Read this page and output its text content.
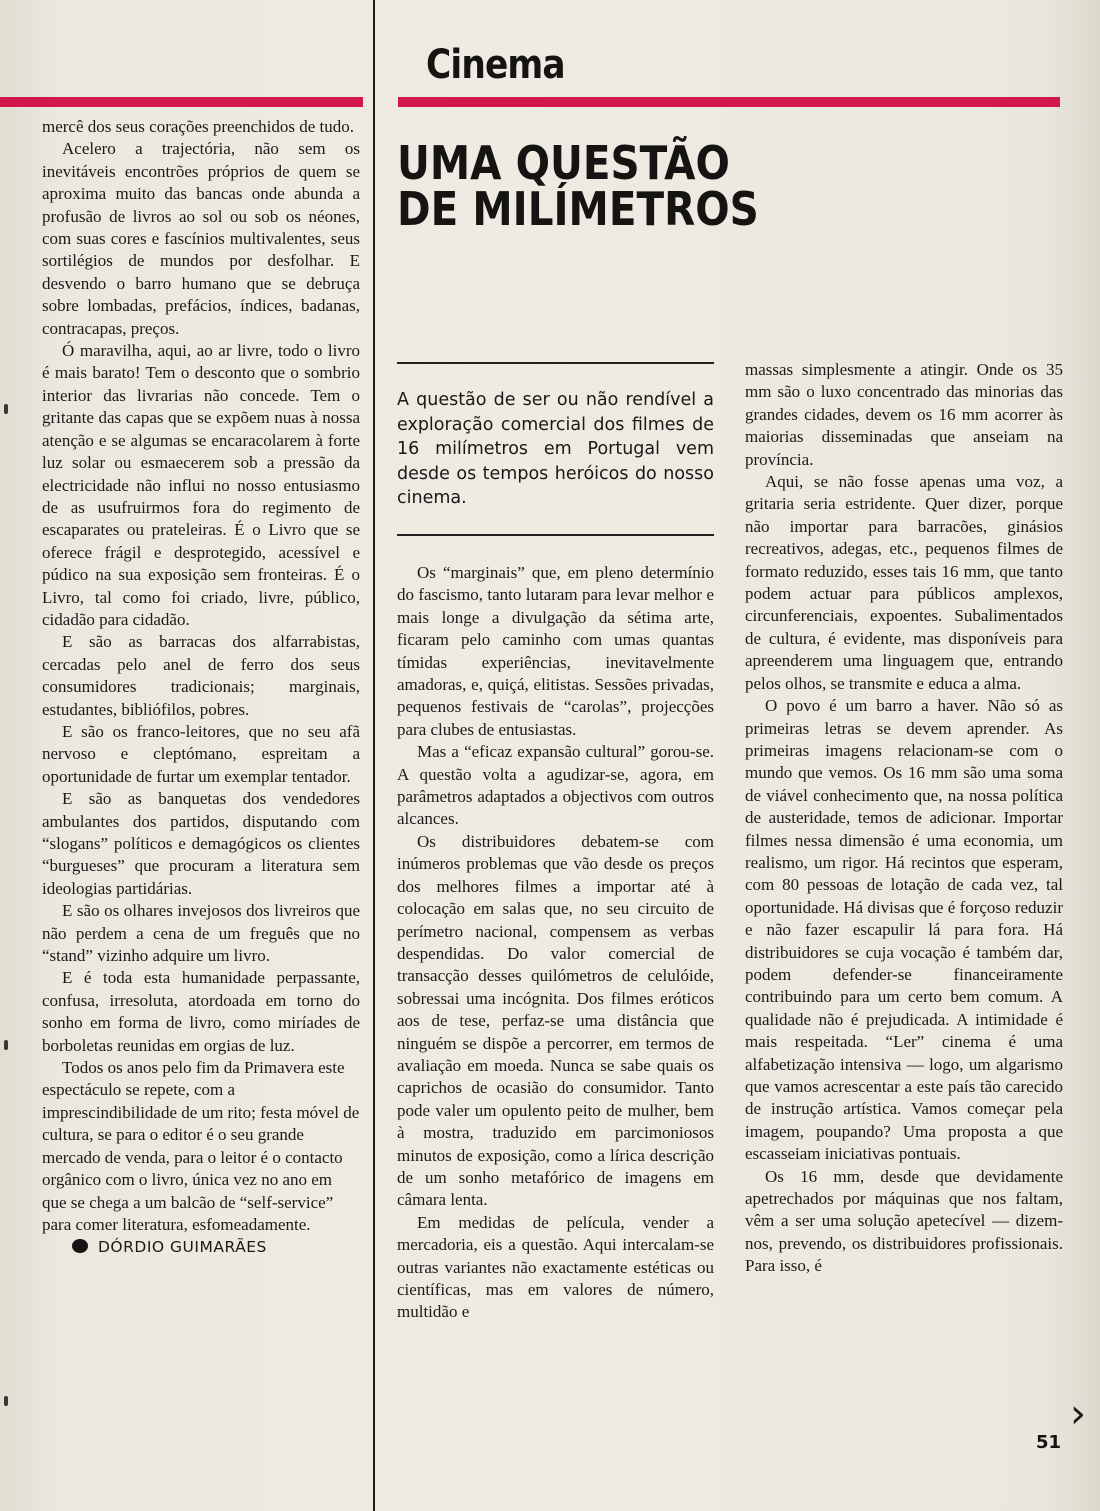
Cinema
UMA QUESTÃO
DE MILÍMETROS

A questão de ser ou não rendível a exploração comercial dos filmes de 16 milímetros em Portugal vem desde os tempos heróicos do nosso cinema.

mercê dos seus corações preenchidos de tudo.

Acelero a trajectória, não sem os inevitáveis encontrões próprios de quem se aproxima muito das bancas onde abunda a profusão de livros ao sol ou sob os néones, com suas cores e fascínios multivalentes, seus sortilégios de mundos por desfolhar. E desvendo o barro humano que se debruça sobre lombadas, prefácios, índices, badanas, contracapas, preços.

Ó maravilha, aqui, ao ar livre, todo o livro é mais barato! Tem o desconto que o sombrio interior das livrarias não concede. Tem o gritante das capas que se expõem nuas à nossa atenção e se algumas se encaracolarem à forte luz solar ou esmaecerem sob a pressão da electricidade não influi no nosso entusiasmo de as usufruirmos fora do regimento de escaparates ou prateleiras. É o Livro que se oferece frágil e desprotegido, acessível e púdico na sua exposição sem fronteiras. É o Livro, tal como foi criado, livre, público, cidadão para cidadão.

E são as barracas dos alfarrabistas, cercadas pelo anel de ferro dos seus consumidores tradicionais; marginais, estudantes, bibliófilos, pobres.

E são os franco-leitores, que no seu afã nervoso e cleptómano, espreitam a oportunidade de furtar um exemplar tentador.

E são as banquetas dos vendedores ambulantes dos partidos, disputando com “slogans” políticos e demagógicos os clientes “burgueses” que procuram a literatura sem ideologias partidárias.

E são os olhares invejosos dos livreiros que não perdem a cena de um freguês que no “stand” vizinho adquire um livro.

E é toda esta humanidade perpassante, confusa, irresoluta, atordoada em torno do sonho em forma de livro, como miríades de borboletas reunidas em orgias de luz.

Todos os anos pelo fim da Primavera este espectáculo se repete, com a imprescindibilidade de um rito; festa móvel de cultura, se para o editor é o seu grande mercado de venda, para o leitor é o contacto orgânico com o livro, única vez no ano em que se chega a um balcão de “self-service” para comer literatura, esfomeadamente.DÓRDIO GUIMARÃES

Os “marginais” que, em pleno determínio do fascismo, tanto lutaram para levar melhor e mais longe a divulgação da sétima arte, ficaram pelo caminho com umas quantas tímidas experiências, inevitavelmente amadoras, e, quiçá, elitistas. Sessões privadas, pequenos festivais de “carolas”, projecções para clubes de entusiastas.

Mas a “eficaz expansão cultural” gorou-se. A questão volta a agudizar-se, agora, em parâmetros adaptados a objectivos com outros alcances.

Os distribuidores debatem-se com inúmeros problemas que vão desde os preços dos melhores filmes a importar até à colocação em salas que, no seu circuito de perímetro nacional, compensem as verbas despendidas. Do valor comercial de transacção desses quilómetros de celulóide, sobressai uma incógnita. Dos filmes eróticos aos de tese, perfaz-se uma distância que ninguém se dispõe a percorrer, em termos de avaliação em moeda. Nunca se sabe quais os caprichos de ocasião do consumidor. Tanto pode valer um opulento peito de mulher, bem à mostra, traduzido em parcimoniosos minutos de exposição, como a lírica descrição de um sonho metafórico de imagens em câmara lenta.

Em medidas de película, vender a mercadoria, eis a questão. Aqui intercalam-se outras variantes não exactamente estéticas ou científicas, mas em valores de número, multidão e

massas simplesmente a atingir. Onde os 35 mm são o luxo concentrado das minorias das grandes cidades, devem os 16 mm acorrer às maiorias disseminadas que anseiam na província.

Aqui, se não fosse apenas uma voz, a gritaria seria estridente. Quer dizer, porque não importar para barracões, ginásios recreativos, adegas, etc., pequenos filmes de formato reduzido, esses tais 16 mm, que tanto podem actuar para públicos amplexos, circunferenciais, expoentes. Subalimentados de cultura, é evidente, mas disponíveis para apreenderem uma linguagem que, entrando pelos olhos, se transmite e educa a alma.

O povo é um barro a haver. Não só as primeiras letras se devem aprender. As primeiras imagens relacionam-se com o mundo que vemos. Os 16 mm são uma soma de viável conhecimento que, na nossa política de austeridade, temos de adicionar. Importar filmes nessa dimensão é uma economia, um realismo, um rigor. Há recintos que esperam, com 80 pessoas de lotação de cada vez, tal oportunidade. Há divisas que é forçoso reduzir e não fazer escapulir lá para fora. Há distribuidores se cuja vocação é também dar, podem defender-se financeiramente contribuindo para um certo bem comum. A qualidade não é prejudicada. A intimidade é mais respeitada. “Ler” cinema é uma alfabetização intensiva — logo, um algarismo que vamos acrescentar a este país tão carecido de instrução artística. Vamos começar pela imagem, poupando? Uma proposta a que escasseiam iniciativas pontuais.

Os 16 mm, desde que devidamente apetrechados por máquinas que nos faltam, vêm a ser uma solução apetecível — dizem-nos, prevendo, os distribuidores profissionais. Para isso, é

›
51
